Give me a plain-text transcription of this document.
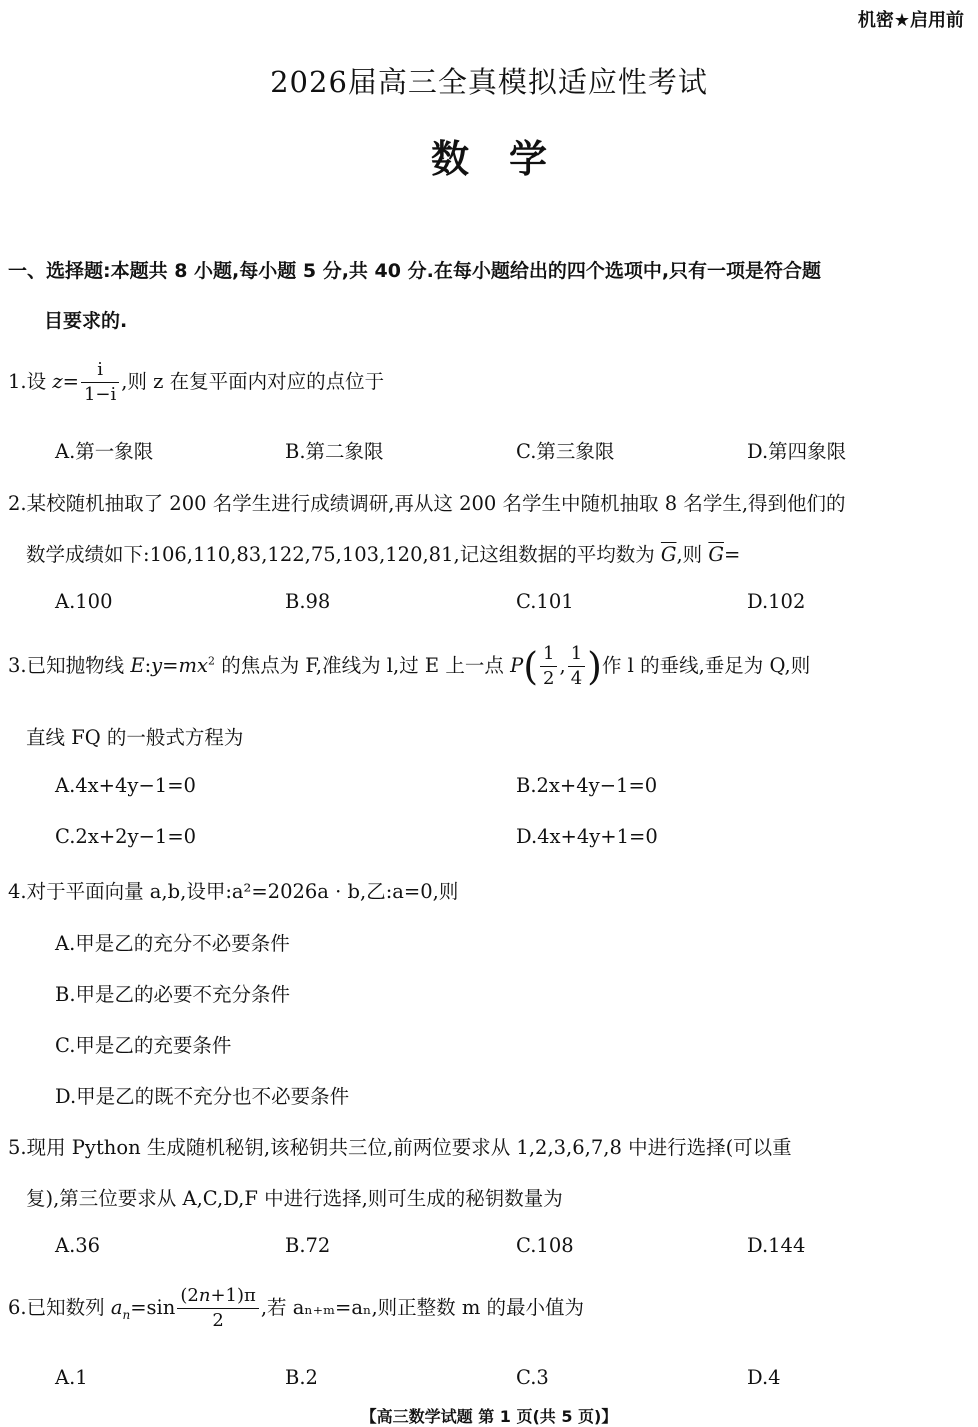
机密★启用前
2026届高三全真模拟适应性考试
数学
一、选择题:本题共 8 小题,每小题 5 分,共 40 分.在每小题给出的四个选项中,只有一项是符合题
目要求的.
1.设 $z= \frac{i}{1-i}$ ,则 z 在复平面内对应的点位于
A.第一象限	B.第二象限	C.第三象限	D.第四象限
2.某校随机抽取了 200 名学生进行成绩调研,再从这 200 名学生中随机抽取 8 名学生,得到他们的
数学成绩如下:106,110,83,122,75,103,120,81,记这组数据的平均数为 $\overline{G}$,则 $\overline{G}=$
A.100	B.98	C.101	D.102
3.已知抛物线 $E:y=mx^2$ 的焦点为 F,准线为 l,过 E 上一点 $P( \frac{1}{2}$ , $\frac{1}{4}$ )作 l 的垂线,垂足为 Q,则
直线 FQ 的一般式方程为
A.4x+4y−1=0	B.2x+4y−1=0
C.2x+2y−1=0	D.4x+4y+1=0
4.对于平面向量 a,b,设甲:a²=2026a · b,乙:a=0,则
A.甲是乙的充分不必要条件
B.甲是乙的必要不充分条件
C.甲是乙的充要条件
D.甲是乙的既不充分也不必要条件
5.现用 Python 生成随机秘钥,该秘钥共三位,前两位要求从 1,2,3,6,7,8 中进行选择(可以重
复),第三位要求从 A,C,D,F 中进行选择,则可生成的秘钥数量为
A.36	B.72	C.108	D.144
6.已知数列 $a_n=\sin \frac{(2n+1)\pi}{2}$ ,若 aₙ₊ₘ=aₙ,则正整数 m 的最小值为
A.1	B.2	C.3	D.4
【高三数学试题 第 1 页(共 5 页)】
